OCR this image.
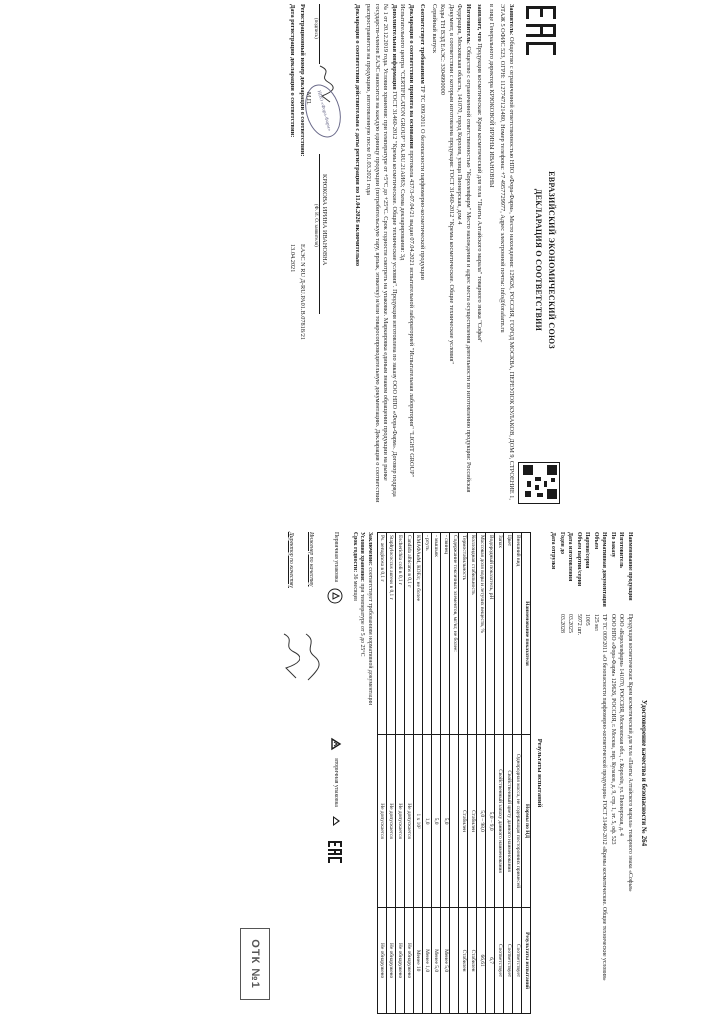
ЕВРАЗИЙСКИЙ ЭКОНОМИЧЕСКИЙ СОЮЗ
ДЕКЛАРАЦИЯ О СООТВЕТСТВИИ

Заявитель: Общество с ограниченной ответственностью НПО «Фора-Фарм», Место нахождения: 129626, РОССИЯ, ГОРОД МОСКВА, ПЕРЕУЛОК КУЛАКОВ, ДОМ 9, СТРОЕНИЕ 1, ЭТАЖ 5 ОФИС 523, ОГРН: 1127747121480, Номер телефона: +7 4957729977, Адрес электронной почты: info@forafarm.ru

в лице Генерального директора КРЮКОВОЙ ИРИНЫ ИВАНОВНЫ

заявляет, что Продукция косметическая: Крем косметический для тела "Панты Алтайского марала" товарного знака "Софья"

Изготовитель: Общество с ограниченной ответственностью "Королевфарм" Место нахождения и адрес места осуществления деятельности по изготовлению продукции: Российская Федерация, Московская область, 141070, город Королев, улица Пионерская, дом 4
Документ, в соответствии с которым изготовлена продукция: ГОСТ 31460-2012 "Кремы косметические. Общие технические условия"
Коды ТН ВЭД ЕАЭС: 3304990000
Серийный выпуск

Соответствует требованиям ТР ТС 009/2011 О безопасности парфюмерно-косметической продукции

Декларация о соответствии принята на основании протокола 437/3-07.04/21 выдан 07.04.2021 испытательной лабораторией "Испытательная лаборатория" "LIGHT GROUP" Испытательного центра "CERTIFICATON GROUP" RA.RU.21АИ63; Схема декларирования: 3д
Дополнительная информация ГОСТ 31460-2012 "Кремы косметические. Общие технические условия". Продукция изготовлена по заказу ООО НПО «Фора-Фарм». Договор подряда № 1 от 20.12.2019 года. Условия хранения: при температуре от +5°С до +25°С. Срок годности смотреть на упаковке. Маркировка единым знаком обращения продукции на рынке государств-членов ЕАЭС наносится на каждую единицу продукции (потребительскую тару, ярлык, этикетку) и/или товаросопроводительную документацию. Декларация о соответствии распространяется на продукцию, изготовленную после 01.03.2021 года

Декларация о соответствии действительна с даты регистрации по 11.04.2026 включительно

(подпись)
НПО «Фора-Фарм»
М.П.
КРЮКОВА ИРИНА ИВАНОВНА
(Ф. И. О. заявителя)
Регистрационный номер декларации о соответствии:
ЕАЭС N RU Д-RU.РА01.В.07818/21
Дата регистрации декларации о соответствии:
13.04.2021
Удостоверение качества и безопасности № 264
Наименование продукции
Продукция косметическая: Крем косметический для тела «Панты Алтайского марала» товарного знака «Софья»
Изготовитель
ООО «Королевфарм» 141070, РОССИЯ, Московская обл., г. Королёв, ул. Пионерская, д. 4
По заказу
ООО НПО «Фора-Фарм» 129626, РОССИЯ, г. Москва, пер. Кулаков, д. 9, стр. 1, эт. 5, оф. 523
Нормативная документация
ТР ТС 009/2011 «О безопасности парфюмерно-косметической продукции» ГОСТ 31460-2012 «Кремы косметические. Общие технические условия»
Объем
125 мл
Партия/серия
1005
Объем партии/серии
5972 шт.
Дата изготовления
03.2025
Годен до
03.2028
Дата отгрузки
Результаты испытаний
Наименование показателя	Нормы по НД	Результаты испытаний
Внешний вид	Однородная масса, не содержащая посторонних примесей	Соответствует
Цвет	Свойственный цвету данного наименования	Соответствует
Запах	Свойственный запаху данного наименования	Соответствует
Водородный показатель, pH	5,0 – 9,0	6,7
Массовая доля воды и летучих веществ, %	5,0 – 98,0	66,61
Коллоидная стабильность	Стабилен	Стабилен
Термостабильность	Стабилен	Стабилен
Содержание токсичных элементов, мг/кг, не более:		
- свинец	5,0	Менее 5,0
- мышьяк	5,0	Менее 5,0
- ртуть	1,0	Менее 1,0
КМАФАнМ, КОЕ/г, не более	1 х 10²	Менее 10
Candida albicans в 0,1 г	Не допускается	Не обнаружено
Escherichia coli в 0,1 г	Не допускается	Не обнаружено
Staphylococcus aureus в 0,1 г	Не допускается	Не обнаружено
Ps. aeruginosa в 0,1 г	Не допускается	Не обнаружено
Заключение: соответствует требованиям нормативной документации
Условия хранения: при температуре от 5 до 25°С
Срок годности: 36 месяцев
Первичная упаковка
вторичная упаковка
Инженер по качеству
Директор по качеству
ОТК №1
